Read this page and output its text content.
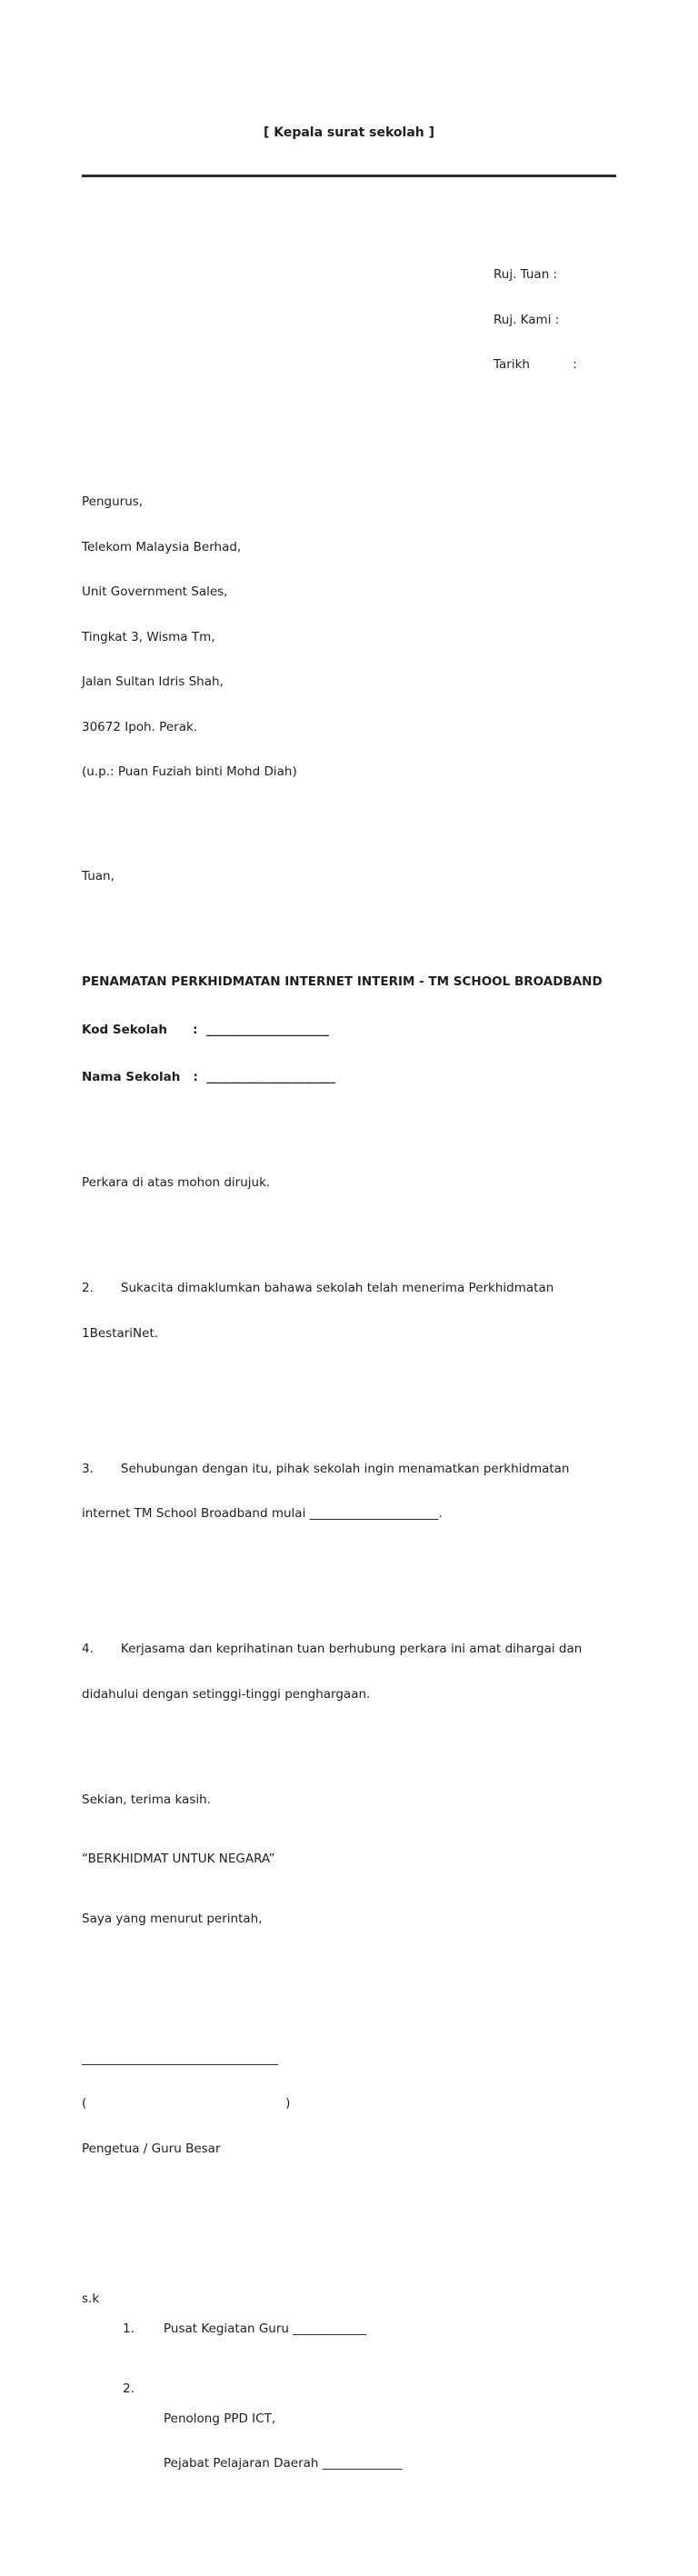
[ Kepala surat sekolah ]

Ruj. Tuan :

Ruj. Kami :

Tarikh           :

Pengurus,

Telekom Malaysia Berhad,

Unit Government Sales,

Tingkat 3, Wisma Tm,

Jalan Sultan Idris Shah,

30672 Ipoh. Perak.

(u.p.: Puan Fuziah binti Mohd Diah)

Tuan,

PENAMATAN PERKHIDMATAN INTERNET INTERIM - TM SCHOOL BROADBAND

Kod Sekolah      :  ____________________

Nama Sekolah   :  _____________________

Perkara di atas mohon dirujuk.

2.       Sukacita dimaklumkan bahawa sekolah telah menerima Perkhidmatan

1BestariNet.

3.       Sehubungan dengan itu, pihak sekolah ingin menamatkan perkhidmatan

internet TM School Broadband mulai _____________________.

4.       Kerjasama dan keprihatinan tuan berhubung perkara ini amat dihargai dan

didahului dengan setinggi-tinggi penghargaan.

Sekian, terima kasih.

“BERKHIDMAT UNTUK NEGARA”

Saya yang menurut perintah,

________________________________

(                                                   )

Pengetua / Guru Besar

s.k

1.	Pusat Kegiatan Guru ____________

2.

Penolong PPD ICT,

Pejabat Pelajaran Daerah _____________
